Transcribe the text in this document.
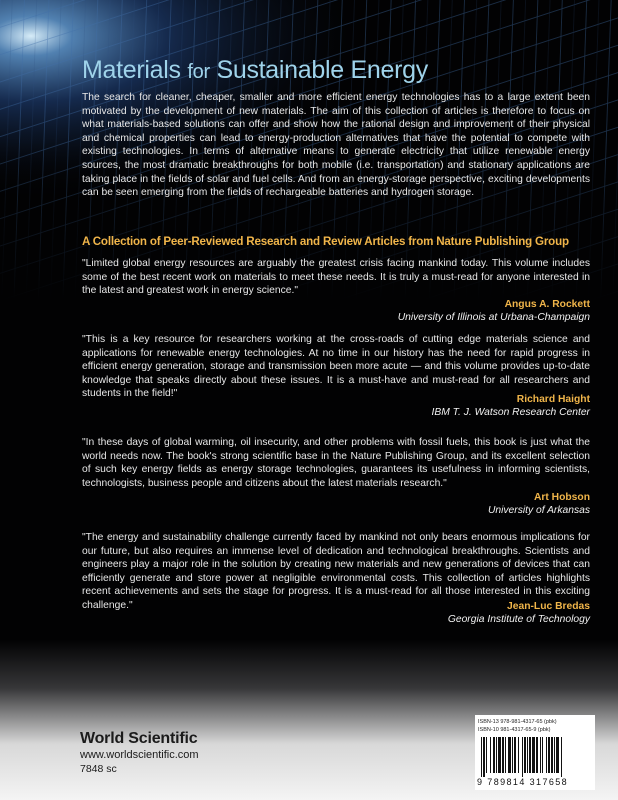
Materials for Sustainable Energy
The search for cleaner, cheaper, smaller and more efficient energy technologies has to a large extent been motivated by the development of new materials. The aim of this collection of articles is therefore to focus on what materials-based solutions can offer and show how the rational design and improvement of their physical and chemical properties can lead to energy-production alternatives that have the potential to compete with existing technologies. In terms of alternative means to generate electricity that utilize renewable energy sources, the most dramatic breakthroughs for both mobile (i.e. transportation) and stationary applications are taking place in the fields of solar and fuel cells. And from an energy-storage perspective, exciting developments can be seen emerging from the fields of rechargeable batteries and hydrogen storage.
A Collection of Peer-Reviewed Research and Review Articles from Nature Publishing Group
"Limited global energy resources are arguably the greatest crisis facing mankind today. This volume includes some of the best recent work on materials to meet these needs. It is truly a must-read for anyone interested in the latest and greatest work in energy science."
Angus A. Rockett
University of Illinois at Urbana-Champaign
"This is a key resource for researchers working at the cross-roads of cutting edge materials science and applications for renewable energy technologies. At no time in our history has the need for rapid progress in efficient energy generation, storage and transmission been more acute — and this volume provides up-to-date knowledge that speaks directly about these issues. It is a must-have and must-read for all researchers and students in the field!"
Richard Haight
IBM T. J. Watson Research Center
"In these days of global warming, oil insecurity, and other problems with fossil fuels, this book is just what the world needs now. The book's strong scientific base in the Nature Publishing Group, and its excellent selection of such key energy fields as energy storage technologies, guarantees its usefulness in informing scientists, technologists, business people and citizens about the latest materials research."
Art Hobson
University of Arkansas
"The energy and sustainability challenge currently faced by mankind not only bears enormous implications for our future, but also requires an immense level of dedication and technological breakthroughs. Scientists and engineers play a major role in the solution by creating new materials and new generations of devices that can efficiently generate and store power at negligible environmental costs. This collection of articles highlights recent achievements and sets the stage for progress. It is a must-read for all those interested in this exciting challenge."	Jean-Luc Bredas
Georgia Institute of Technology
World Scientific
www.worldscientific.com
7848 sc
ISBN-13 978-981-4317-65 (pbk)
ISBN-10 981-4317-65-9 (pbk)
9 789814 317658
